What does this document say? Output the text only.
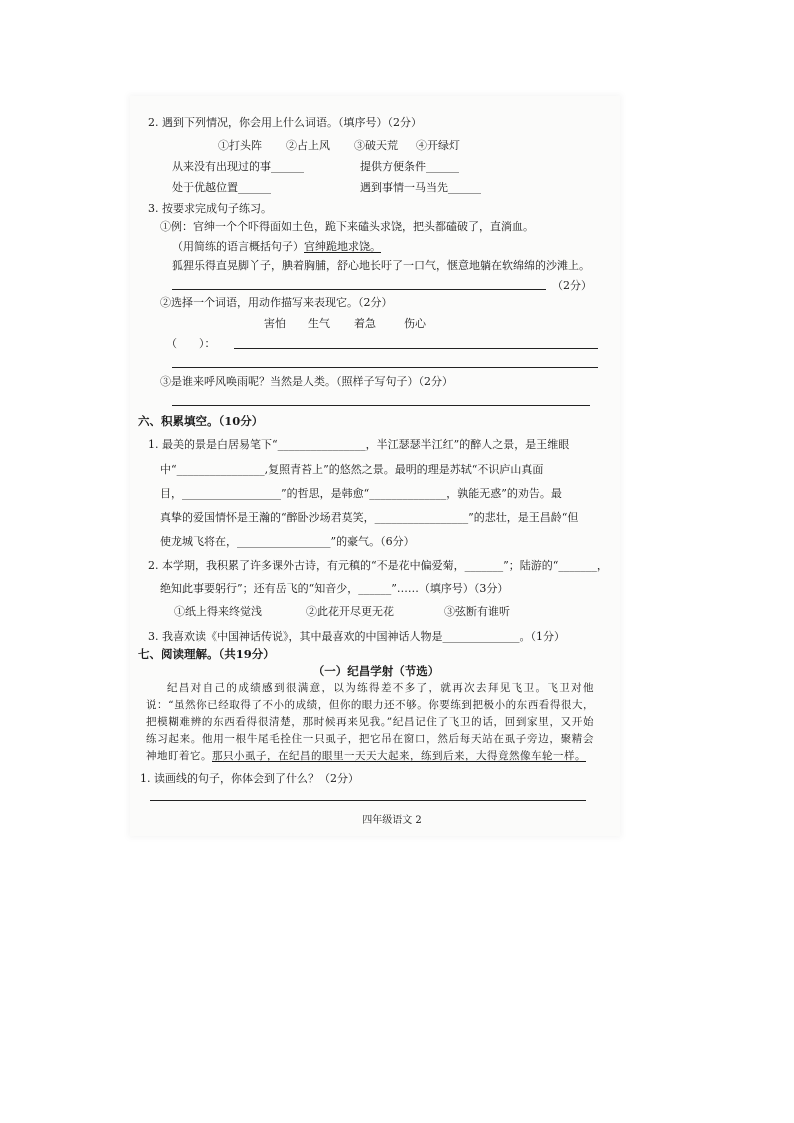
2. 遇到下列情况，你会用上什么词语。（填序号）（2分）
①打头阵 ②占上风 ③破天荒 ④开绿灯
从来没有出现过的事______	提供方便条件______
处于优越位置______	遇到事情一马当先______
3. 按要求完成句子练习。
①例：官绅一个个吓得面如土色，跪下来磕头求饶，把头都磕破了，直淌血。
（用简练的语言概括句子）官绅跪地求饶。
狐狸乐得直晃脚丫子，腆着胸脯，舒心地长吁了一口气，惬意地躺在软绵绵的沙滩上。
（2分）
②选择一个词语，用动作描写来表现它。（2分）
害怕 生气 着急	伤心
（　　）：
③是谁来呼风唤雨呢？当然是人类。（照样子写句子）（2分）
六、积累填空。（10分）
1. 最美的景是白居易笔下“________________，半江瑟瑟半江红”的醉人之景，是王维眼
中“________________,复照青苔上”的悠然之景。最明的理是苏轼“不识庐山真面
目，__________________”的哲思，是韩愈“______________，孰能无惑”的劝告。最
真挚的爱国情怀是王瀚的“醉卧沙场君莫笑，_________________”的悲壮，是王昌龄“但
使龙城飞将在，_________________”的豪气。（6分）
2. 本学期，我积累了许多课外古诗，有元稹的“不是花中偏爱菊，_______”；陆游的“_______，
绝知此事要躬行”；还有岳飞的“知音少，______”……（填序号）（3分）
①纸上得来终觉浅	②此花开尽更无花	③弦断有谁听
3. 我喜欢读《中国神话传说》，其中最喜欢的中国神话人物是______________。（1分）
七、阅读理解。（共19分）
（一）纪昌学射（节选）
纪昌对自己的成绩感到很满意，以为练得差不多了，就再次去拜见飞卫。飞卫对他说：“虽然你已经取得了不小的成绩，但你的眼力还不够。你要练到把极小的东西看得很大，把模糊难辨的东西看得很清楚，那时候再来见我。”纪昌记住了飞卫的话，回到家里，又开始练习起来。他用一根牛尾毛拴住一只虱子，把它吊在窗口，然后每天站在虱子旁边，聚精会神地盯着它。那只小虱子，在纪昌的眼里一天天大起来，练到后来，大得竟然像车轮一样。
1. 读画线的句子，你体会到了什么？（2分）
四年级语文 2
